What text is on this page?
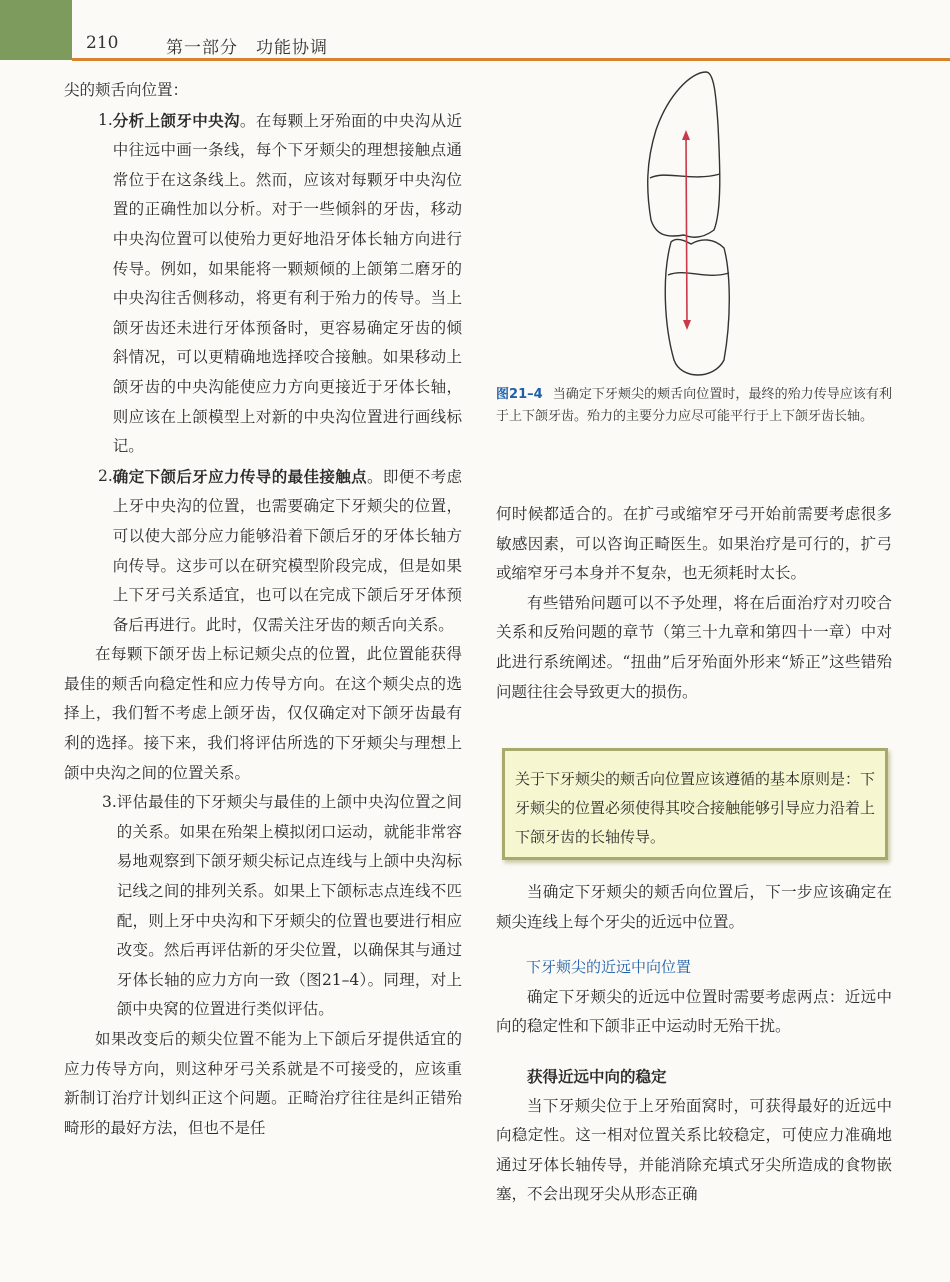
210	第一部分　功能协调

尖的颊舌向位置：

1. 分析上颌牙中央沟。在每颗上牙殆面的中央沟从近中往远中画一条线，每个下牙颊尖的理想接触点通常位于在这条线上。然而，应该对每颗牙中央沟位置的正确性加以分析。对于一些倾斜的牙齿，移动中央沟位置可以使殆力更好地沿牙体长轴方向进行传导。例如，如果能将一颗颊倾的上颌第二磨牙的中央沟往舌侧移动，将更有利于殆力的传导。当上颌牙齿还未进行牙体预备时，更容易确定牙齿的倾斜情况，可以更精确地选择咬合接触。如果移动上颌牙齿的中央沟能使应力方向更接近于牙体长轴，则应该在上颌模型上对新的中央沟位置进行画线标记。

2. 确定下颌后牙应力传导的最佳接触点。即便不考虑上牙中央沟的位置，也需要确定下牙颊尖的位置，可以使大部分应力能够沿着下颌后牙的牙体长轴方向传导。这步可以在研究模型阶段完成，但是如果上下牙弓关系适宜，也可以在完成下颌后牙牙体预备后再进行。此时，仅需关注牙齿的颊舌向关系。

在每颗下颌牙齿上标记颊尖点的位置，此位置能获得最佳的颊舌向稳定性和应力传导方向。在这个颊尖点的选择上，我们暂不考虑上颌牙齿，仅仅确定对下颌牙齿最有利的选择。接下来，我们将评估所选的下牙颊尖与理想上颌中央沟之间的位置关系。

3. 评估最佳的下牙颊尖与最佳的上颌中央沟位置之间的关系。如果在殆架上模拟闭口运动，就能非常容易地观察到下颌牙颊尖标记点连线与上颌中央沟标记线之间的排列关系。如果上下颌标志点连线不匹配，则上牙中央沟和下牙颊尖的位置也要进行相应改变。然后再评估新的牙尖位置，以确保其与通过牙体长轴的应力方向一致（图21–4）。同理，对上颌中央窝的位置进行类似评估。

如果改变后的颊尖位置不能为上下颌后牙提供适宜的应力传导方向，则这种牙弓关系就是不可接受的，应该重新制订治疗计划纠正这个问题。正畸治疗往往是纠正错殆畸形的最好方法，但也不是任

图21–4 当确定下牙颊尖的颊舌向位置时，最终的殆力传导应该有利于上下颌牙齿。殆力的主要分力应尽可能平行于上下颌牙齿长轴。

何时候都适合的。在扩弓或缩窄牙弓开始前需要考虑很多敏感因素，可以咨询正畸医生。如果治疗是可行的，扩弓或缩窄牙弓本身并不复杂，也无须耗时太长。

有些错殆问题可以不予处理，将在后面治疗对刃咬合关系和反殆问题的章节（第三十九章和第四十一章）中对此进行系统阐述。“扭曲”后牙殆面外形来“矫正”这些错殆问题往往会导致更大的损伤。

关于下牙颊尖的颊舌向位置应该遵循的基本原则是：下牙颊尖的位置必须使得其咬合接触能够引导应力沿着上下颌牙齿的长轴传导。

当确定下牙颊尖的颊舌向位置后，下一步应该确定在颊尖连线上每个牙尖的近远中位置。

下牙颊尖的近远中向位置

确定下牙颊尖的近远中位置时需要考虑两点：近远中向的稳定性和下颌非正中运动时无殆干扰。

获得近远中向的稳定

当下牙颊尖位于上牙殆面窝时，可获得最好的近远中向稳定性。这一相对位置关系比较稳定，可使应力准确地通过牙体长轴传导，并能消除充填式牙尖所造成的食物嵌塞，不会出现牙尖从形态正确
